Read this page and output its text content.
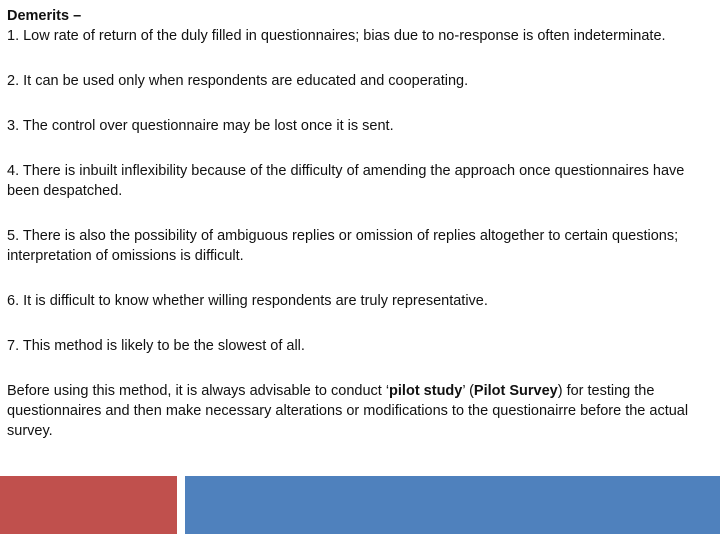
Demerits –
1. Low rate of return of the duly filled in questionnaires; bias due to no-response is often indeterminate.

2. It can be used only when respondents are educated and cooperating.

3. The control over questionnaire may be lost once it is sent.

4. There is inbuilt inflexibility because of the difficulty of amending the approach once questionnaires have been despatched.

5. There is also the possibility of ambiguous replies or omission of replies altogether to certain questions; interpretation of omissions is difficult.

6. It is difficult to know whether willing respondents are truly representative.

7. This method is likely to be the slowest of all.

Before using this method, it is always advisable to conduct ‘pilot study’ (Pilot Survey) for testing the questionnaires and then make necessary alterations or modifications to the questionairre before the actual survey.
